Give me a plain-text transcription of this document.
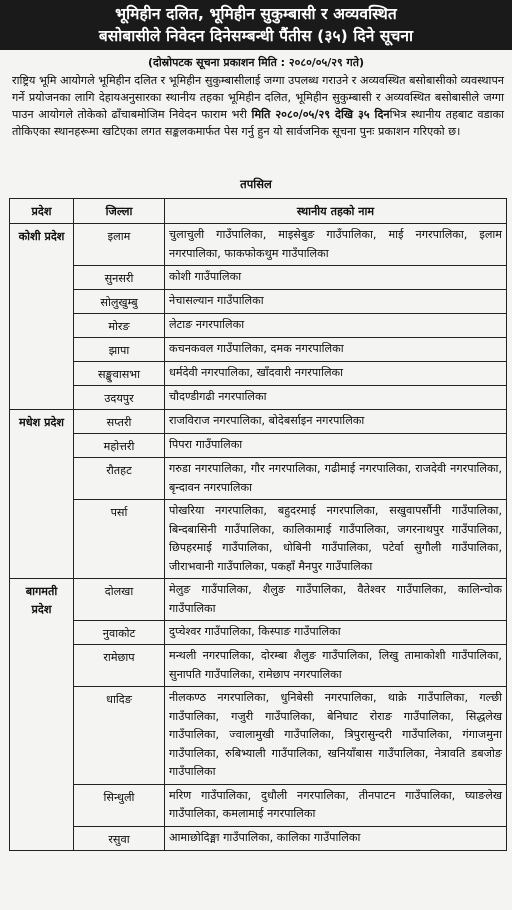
भूमिहीन दलित, भूमिहीन सुकुम्बासी र अव्यवस्थित
बसोबासीले निवेदन दिनेसम्बन्धी पैंतीस (३५) दिने सूचना
(दोस्रोपटक सूचना प्रकाशन मिति : २०८०/०५/२९ गते)
राष्ट्रिय भूमि आयोगले भूमिहीन दलित र भूमिहीन सुकुम्बासीलाई जग्गा उपलब्ध गराउने र अव्यवस्थित बसोबासीको व्यवस्थापन गर्ने प्रयोजनका लागि देहायअनुसारका स्थानीय तहका भूमिहीन दलित, भूमिहीन सुकुम्बासी र अव्यवस्थित बसोबासीले जग्गा पाउन आयोगले तोकेको ढाँचाबमोजिम निवेदन फाराम भरी मिति २०८०/०५/२९ देखि ३५ दिनभित्र स्थानीय तहबाट वडाका तोकिएका स्थानहरूमा खटिएका लगत सङ्कलकमार्फत पेस गर्नु हुन यो सार्वजनिक सूचना पुनः प्रकाशन गरिएको छ।
तपसिल
प्रदेश	जिल्ला	स्थानीय तहको नाम
कोशी प्रदेश	इलाम	चुलाचुली गाउँपालिका, माइसेबुङ गाउँपालिका, माई नगरपालिका, इलाम नगरपालिका, फाकफोकथुम गाउँपालिका
	सुनसरी	कोशी गाउँपालिका
	सोलुखुम्बु	नेचासल्यान गाउँपालिका
	मोरङ	लेटाङ नगरपालिका
	झापा	कचनकवल गाउँपालिका, दमक नगरपालिका
	सङ्खुवासभा	धर्मदेवी नगरपालिका, खाँदवारी नगरपालिका
	उदयपुर	चौदण्डीगढी नगरपालिका
मधेश प्रदेश	सप्तरी	राजविराज नगरपालिका, बोदेबर्साइन नगरपालिका
	महोत्तरी	पिपरा गाउँपालिका
	रौतहट	गरुडा नगरपालिका, गौर नगरपालिका, गढीमाई नगरपालिका, राजदेवी नगरपालिका, बृन्दावन नगरपालिका
	पर्सा	पोखरिया नगरपालिका, बहुदरमाई नगरपालिका, सखुवापर्सौनी गाउँपालिका, बिन्दबासिनी गाउँपालिका, कालिकामाई गाउँपालिका, जगरनाथपुर गाउँपालिका, छिपहरमाई गाउँपालिका, धोबिनी गाउँपालिका, पटेर्वा सुगौली गाउँपालिका, जीराभवानी गाउँपालिका, पकहाँ मैनपुर गाउँपालिका
बागमती प्रदेश	दोलखा	मेलुङ गाउँपालिका, शैलुङ गाउँपालिका, वैतेश्वर गाउँपालिका, कालिन्चोक गाउँपालिका
	नुवाकोट	दुप्चेश्वर गाउँपालिका, किस्पाङ गाउँपालिका
	रामेछाप	मन्थली नगरपालिका, दोरम्बा शैलुङ गाउँपालिका, लिखु तामाकोशी गाउँपालिका, सुनापति गाउँपालिका, रामेछाप नगरपालिका
	धादिङ	नीलकण्ठ नगरपालिका, धुनिबेसी नगरपालिका, थाक्रे गाउँपालिका, गल्छी गाउँपालिका, गजुरी गाउँपालिका, बेनिघाट रोराङ गाउँपालिका, सिद्धलेख गाउँपालिका, ज्वालामुखी गाउँपालिका, त्रिपुरासुन्दरी गाउँपालिका, गंगाजमुना गाउँपालिका, रुबिभ्याली गाउँपालिका, खनियाँबास गाउँपालिका, नेत्रावति डबजोङ गाउँपालिका
	सिन्धुली	मरिण गाउँपालिका, दुधौली नगरपालिका, तीनपाटन गाउँपालिका, घ्याङलेख गाउँपालिका, कमलामाई नगरपालिका
	रसुवा	आमाछोदिङ्मा गाउँपालिका, कालिका गाउँपालिका
